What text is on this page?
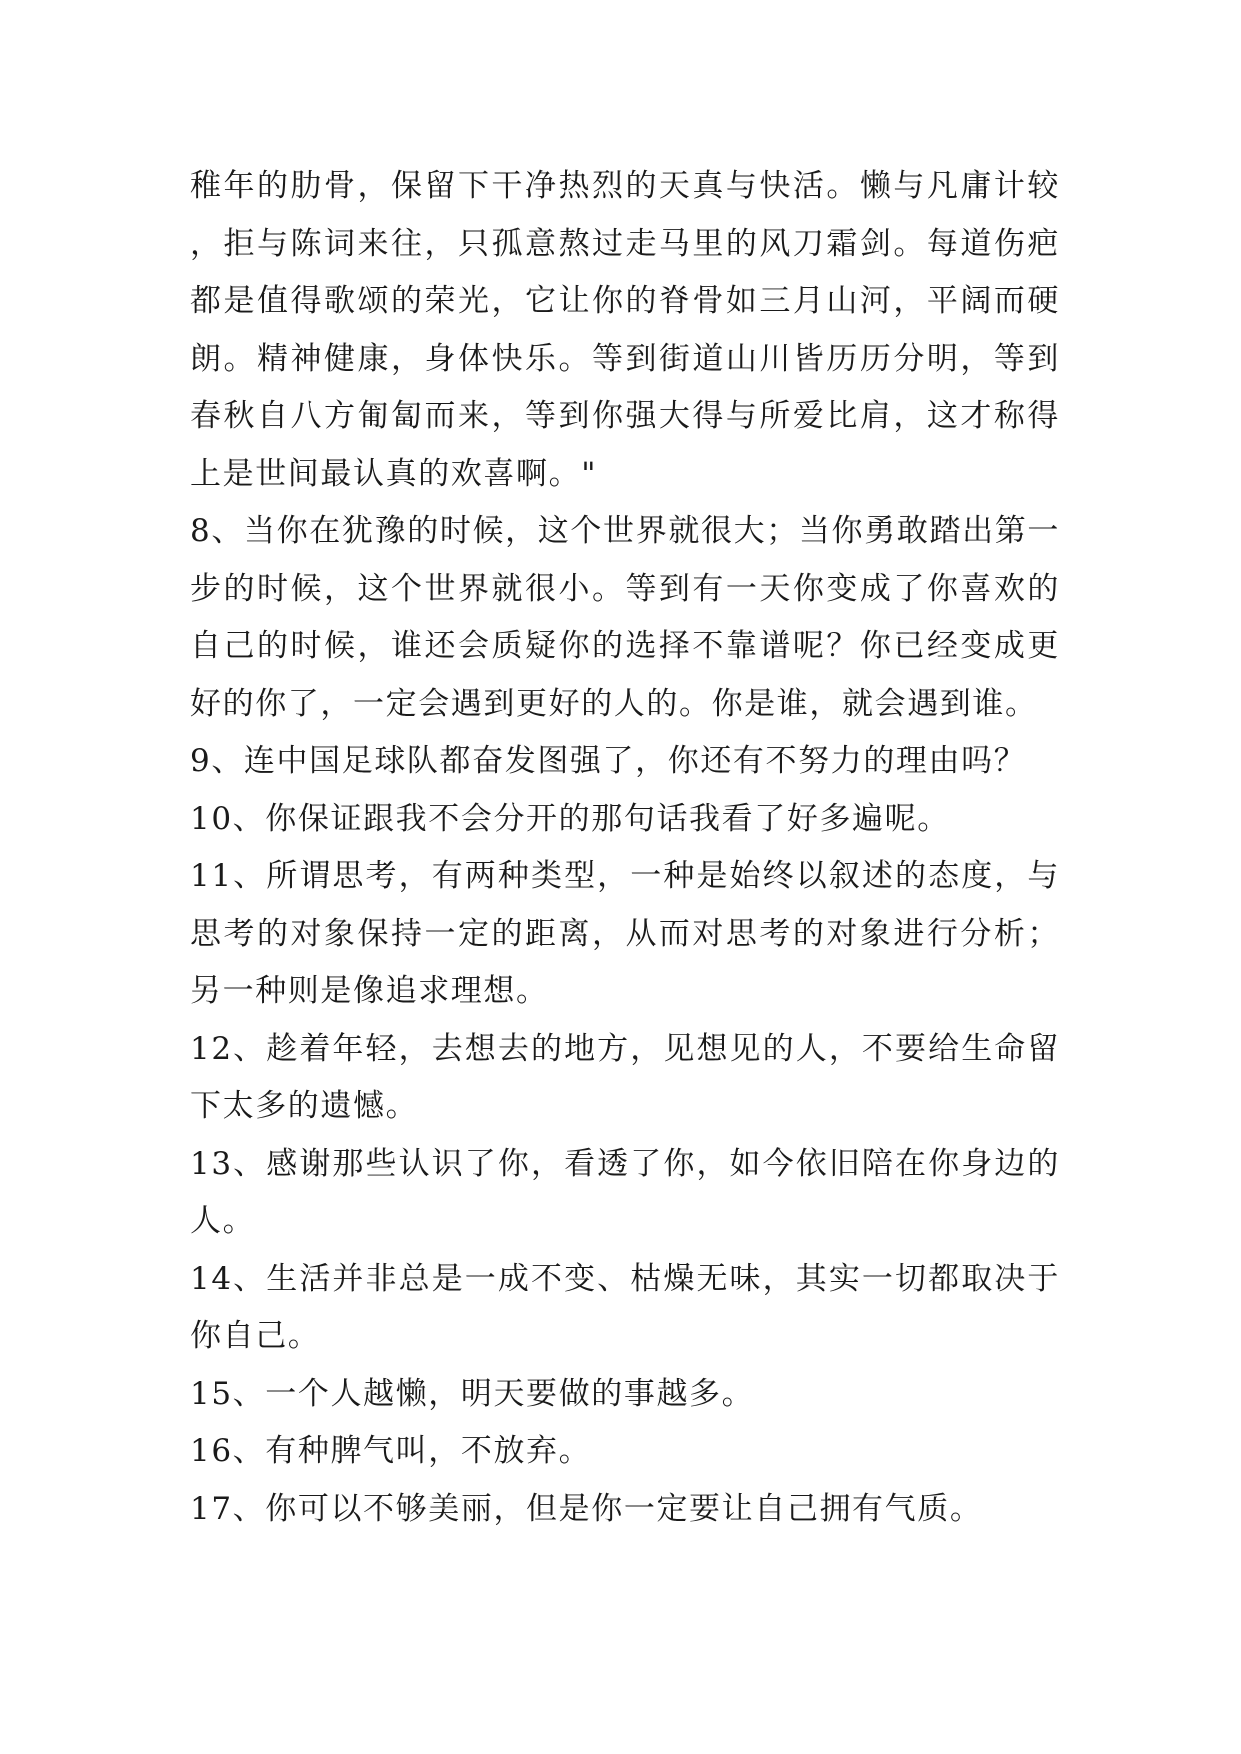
稚年的肋骨，保留下干净热烈的天真与快活。懒与凡庸计较，拒与陈词来往，只孤意熬过走马里的风刀霜剑。每道伤疤都是值得歌颂的荣光，它让你的脊骨如三月山河，平阔而硬朗。精神健康，身体快乐。等到街道山川皆历历分明，等到春秋自八方匍匐而来，等到你强大得与所爱比肩，这才称得上是世间最认真的欢喜啊。"

8、当你在犹豫的时候，这个世界就很大；当你勇敢踏出第一步的时候，这个世界就很小。等到有一天你变成了你喜欢的自己的时候，谁还会质疑你的选择不靠谱呢？你已经变成更好的你了，一定会遇到更好的人的。你是谁，就会遇到谁。

9、连中国足球队都奋发图强了，你还有不努力的理由吗？

10、你保证跟我不会分开的那句话我看了好多遍呢。

11、所谓思考，有两种类型，一种是始终以叙述的态度，与思考的对象保持一定的距离，从而对思考的对象进行分析；另一种则是像追求理想。

12、趁着年轻，去想去的地方，见想见的人，不要给生命留下太多的遗憾。

13、感谢那些认识了你，看透了你，如今依旧陪在你身边的人。

14、生活并非总是一成不变、枯燥无味，其实一切都取决于你自己。

15、一个人越懒，明天要做的事越多。

16、有种脾气叫，不放弃。

17、你可以不够美丽，但是你一定要让自己拥有气质。
